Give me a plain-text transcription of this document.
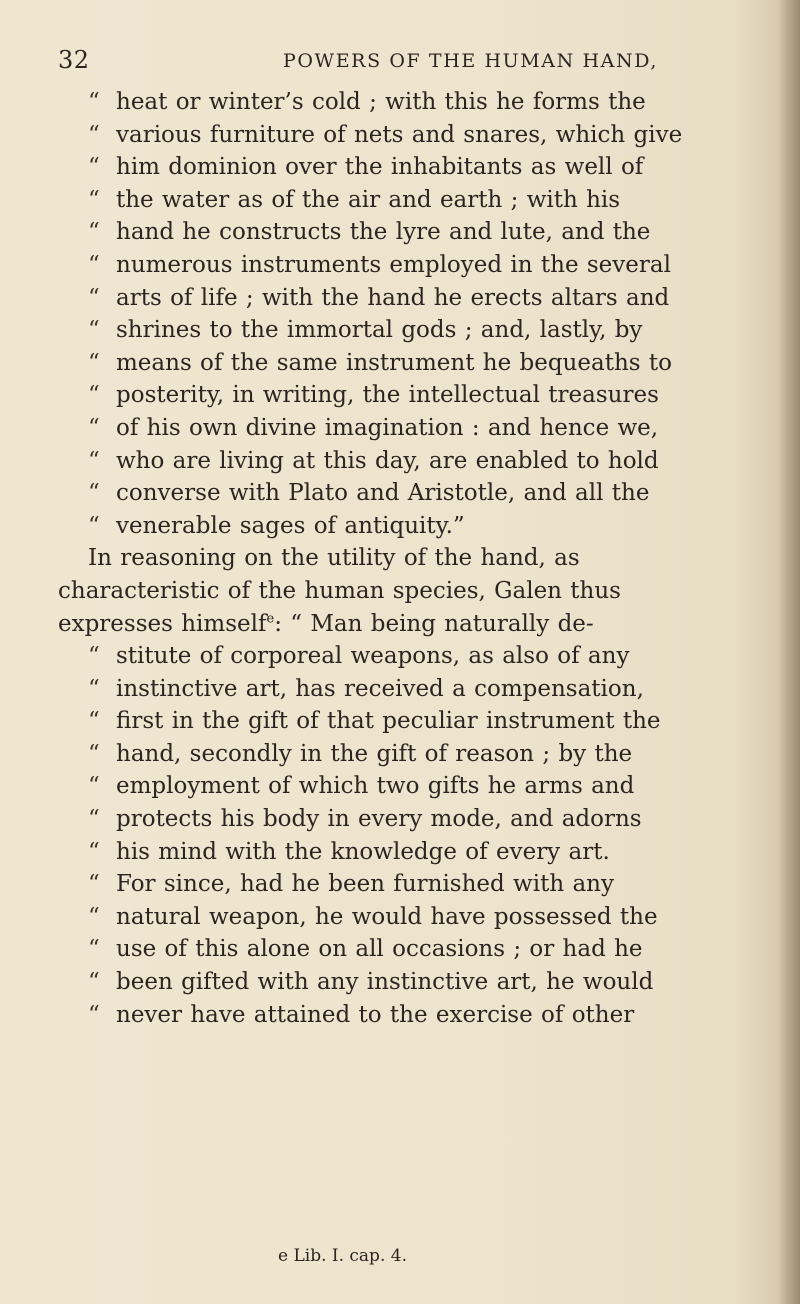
32	POWERS OF THE HUMAN HAND,
“ heat or winter’s cold ; with this he forms the
“ various furniture of nets and snares, which give
“ him dominion over the inhabitants as well of
“ the water as of the air and earth ; with his
“ hand he constructs the lyre and lute, and the
“ numerous instruments employed in the several
“ arts of life ; with the hand he erects altars and
“ shrines to the immortal gods ; and, lastly, by
“ means of the same instrument he bequeaths to
“ posterity, in writing, the intellectual treasures
“ of his own divine imagination : and hence we,
“ who are living at this day, are enabled to hold
“ converse with Plato and Aristotle, and all the
“ venerable sages of antiquity.”
In reasoning on the utility of the hand, as
characteristic of the human species, Galen thus
expresses himself$^e$: “ Man being naturally de-
“ stitute of corporeal weapons, as also of any
“ instinctive art, has received a compensation,
“ first in the gift of that peculiar instrument the
“ hand, secondly in the gift of reason ; by the
“ employment of which two gifts he arms and
“ protects his body in every mode, and adorns
“ his mind with the knowledge of every art.
“ For since, had he been furnished with any
“ natural weapon, he would have possessed the
“ use of this alone on all occasions ; or had he
“ been gifted with any instinctive art, he would
“ never have attained to the exercise of other
e Lib. I. cap. 4.
